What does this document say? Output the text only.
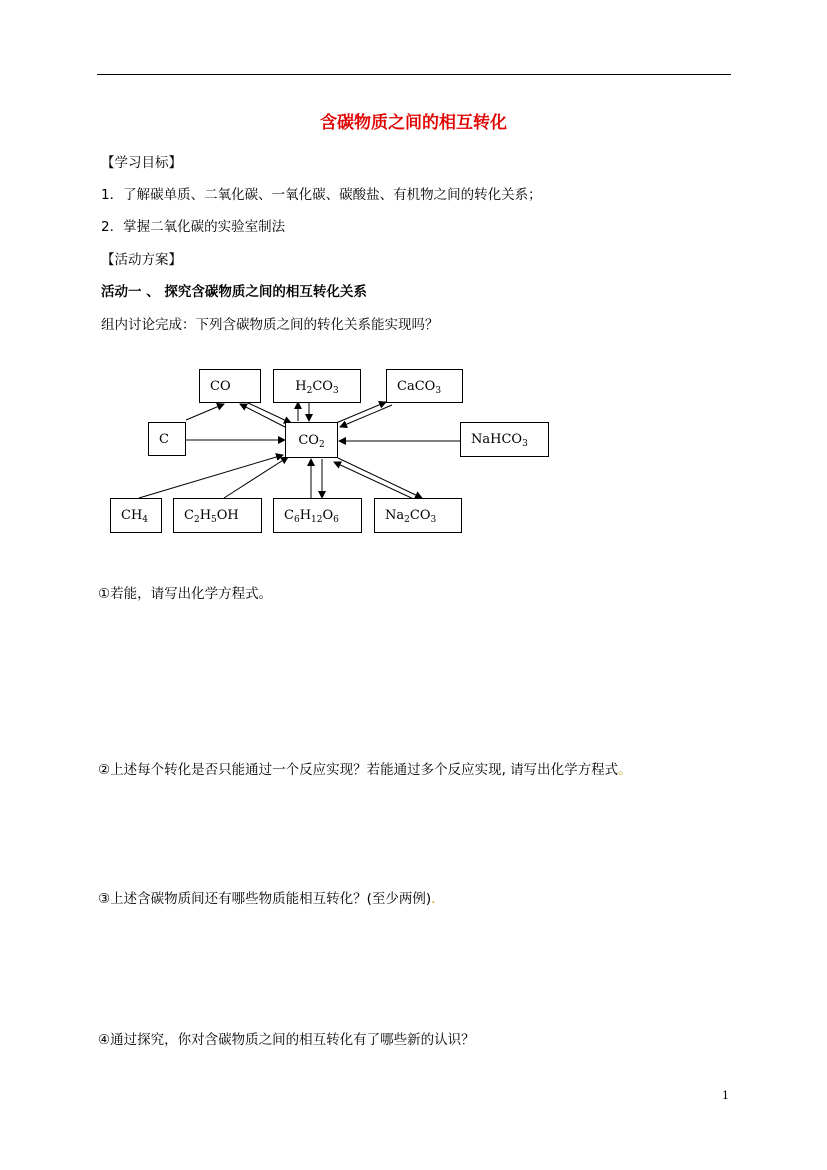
含碳物质之间的相互转化
【学习目标】
1．了解碳单质、二氧化碳、一氧化碳、碳酸盐、有机物之间的转化关系；
2．掌握二氧化碳的实验室制法
【活动方案】
活动一 、 探究含碳物质之间的相互转化关系
组内讨论完成：下列含碳物质之间的转化关系能实现吗？
CO	$H_2CO_3$	CaCO$_3$
C	$CO_2$	NaHCO$_3$
$CH_4$	$C_2H_5OH$	$C_6H_{12}O_6$	$Na_2CO_3$
①若能，请写出化学方程式。
②上述每个转化是否只能通过一个反应实现？若能通过多个反应实现, 请写出化学方程式。
③上述含碳物质间还有哪些物质能相互转化？(至少两例).
④通过探究，你对含碳物质之间的相互转化有了哪些新的认识？
1
